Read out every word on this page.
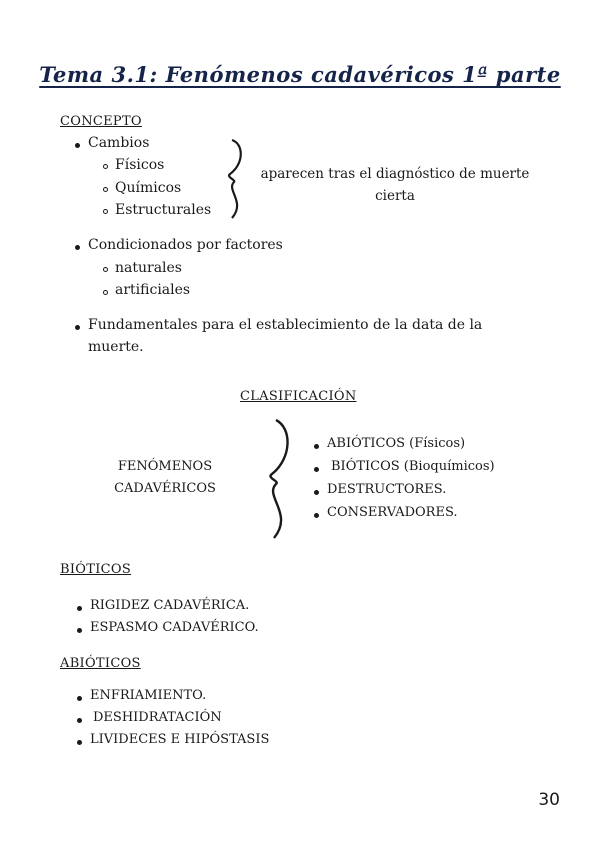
Tema 3.1: Fenómenos cadavéricos 1ª parte
CONCEPTO
Cambios
Físicos
Químicos
Estructurales
aparecen tras el diagnóstico de muerte
cierta
Condicionados por factores
naturales
artificiales
Fundamentales para el establecimiento de la data de la
muerte.
CLASIFICACIÓN
FENÓMENOS
CADAVÉRICOS
ABIÓTICOS (Físicos)
BIÓTICOS (Bioquímicos)
DESTRUCTORES.
CONSERVADORES.
BIÓTICOS
RIGIDEZ CADAVÉRICA.
ESPASMO CADAVÉRICO.
ABIÓTICOS
ENFRIAMIENTO.
DESHIDRATACIÓN
LIVIDECES E HIPÓSTASIS
30
